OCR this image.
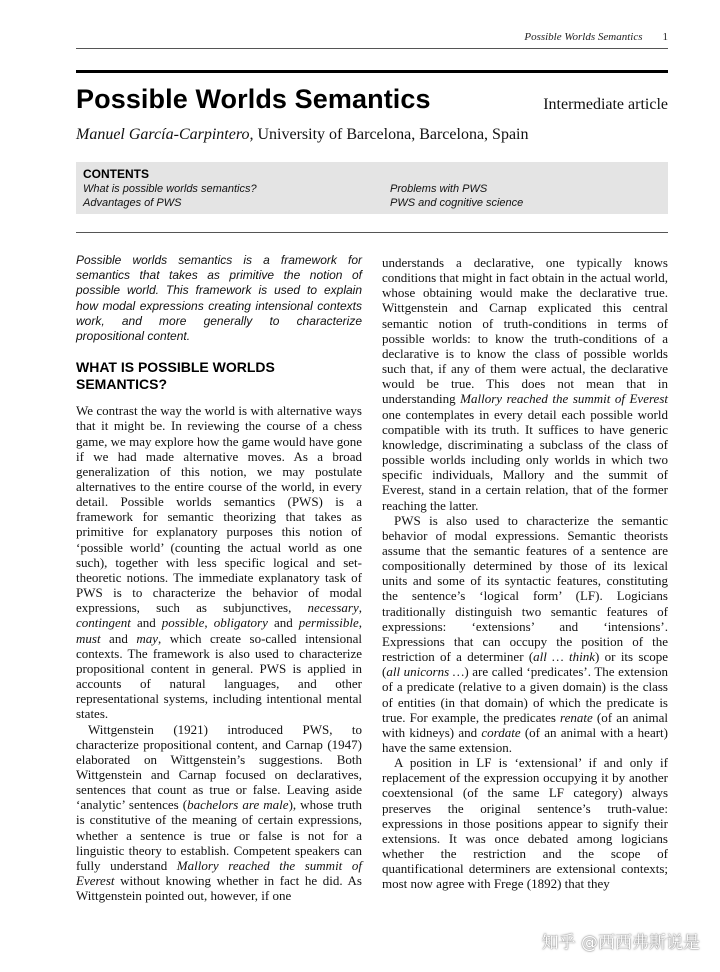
Possible Worlds Semantics 1
Possible Worlds Semantics	Intermediate article
Manuel García-Carpintero, University of Barcelona, Barcelona, Spain
CONTENTS
What is possible worlds semantics?	Problems with PWS
Advantages of PWS	PWS and cognitive science
Possible worlds semantics is a framework for semantics that takes as primitive the notion of possible world. This framework is used to explain how modal expressions creating intensional contexts work, and more generally to characterize propositional content.
WHAT IS POSSIBLE WORLDS SEMANTICS?

We contrast the way the world is with alternative ways that it might be. In reviewing the course of a chess game, we may explore how the game would have gone if we had made alternative moves. As a broad generalization of this notion, we may postulate alternatives to the entire course of the world, in every detail. Possible worlds semantics (PWS) is a framework for semantic theorizing that takes as primitive for explanatory purposes this notion of ‘possible world’ (counting the actual world as one such), together with less specific logical and set-theoretic notions. The immediate explanatory task of PWS is to characterize the behavior of modal expressions, such as subjunctives, necessary, contingent and possible, obligatory and permissible, must and may, which create so-called intensional contexts. The framework is also used to characterize propositional content in general. PWS is applied in accounts of natural languages, and other representational systems, including intentional mental states.

Wittgenstein (1921) introduced PWS, to characterize propositional content, and Carnap (1947) elaborated on Wittgenstein’s suggestions. Both Wittgenstein and Carnap focused on declaratives, sentences that count as true or false. Leaving aside ‘analytic’ sentences (bachelors are male), whose truth is constitutive of the meaning of certain expressions, whether a sentence is true or false is not for a linguistic theory to establish. Competent speakers can fully understand Mallory reached the summit of Everest without knowing whether in fact he did. As Wittgenstein pointed out, however, if one

understands a declarative, one typically knows conditions that might in fact obtain in the actual world, whose obtaining would make the declarative true. Wittgenstein and Carnap explicated this central semantic notion of truth-conditions in terms of possible worlds: to know the truth-conditions of a declarative is to know the class of possible worlds such that, if any of them were actual, the declarative would be true. This does not mean that in understanding Mallory reached the summit of Everest one contemplates in every detail each possible world compatible with its truth. It suffices to have generic knowledge, discriminating a subclass of the class of possible worlds including only worlds in which two specific individuals, Mallory and the summit of Everest, stand in a certain relation, that of the former reaching the latter.

PWS is also used to characterize the semantic behavior of modal expressions. Semantic theorists assume that the semantic features of a sentence are compositionally determined by those of its lexical units and some of its syntactic features, constituting the sentence’s ‘logical form’ (LF). Logicians traditionally distinguish two semantic features of expressions: ‘extensions’ and ‘intensions’. Expressions that can occupy the position of the restriction of a determiner (all … think) or its scope (all unicorns …) are called ‘predicates’. The extension of a predicate (relative to a given domain) is the class of entities (in that domain) of which the predicate is true. For example, the predicates renate (of an animal with kidneys) and cordate (of an animal with a heart) have the same extension.

A position in LF is ‘extensional’ if and only if replacement of the expression occupying it by another coextensional (of the same LF category) always preserves the original sentence’s truth-value: expressions in those positions appear to signify their extensions. It was once debated among logicians whether the restriction and the scope of quantificational determiners are extensional contexts; most now agree with Frege (1892) that they

知乎 @西西弗斯说是
